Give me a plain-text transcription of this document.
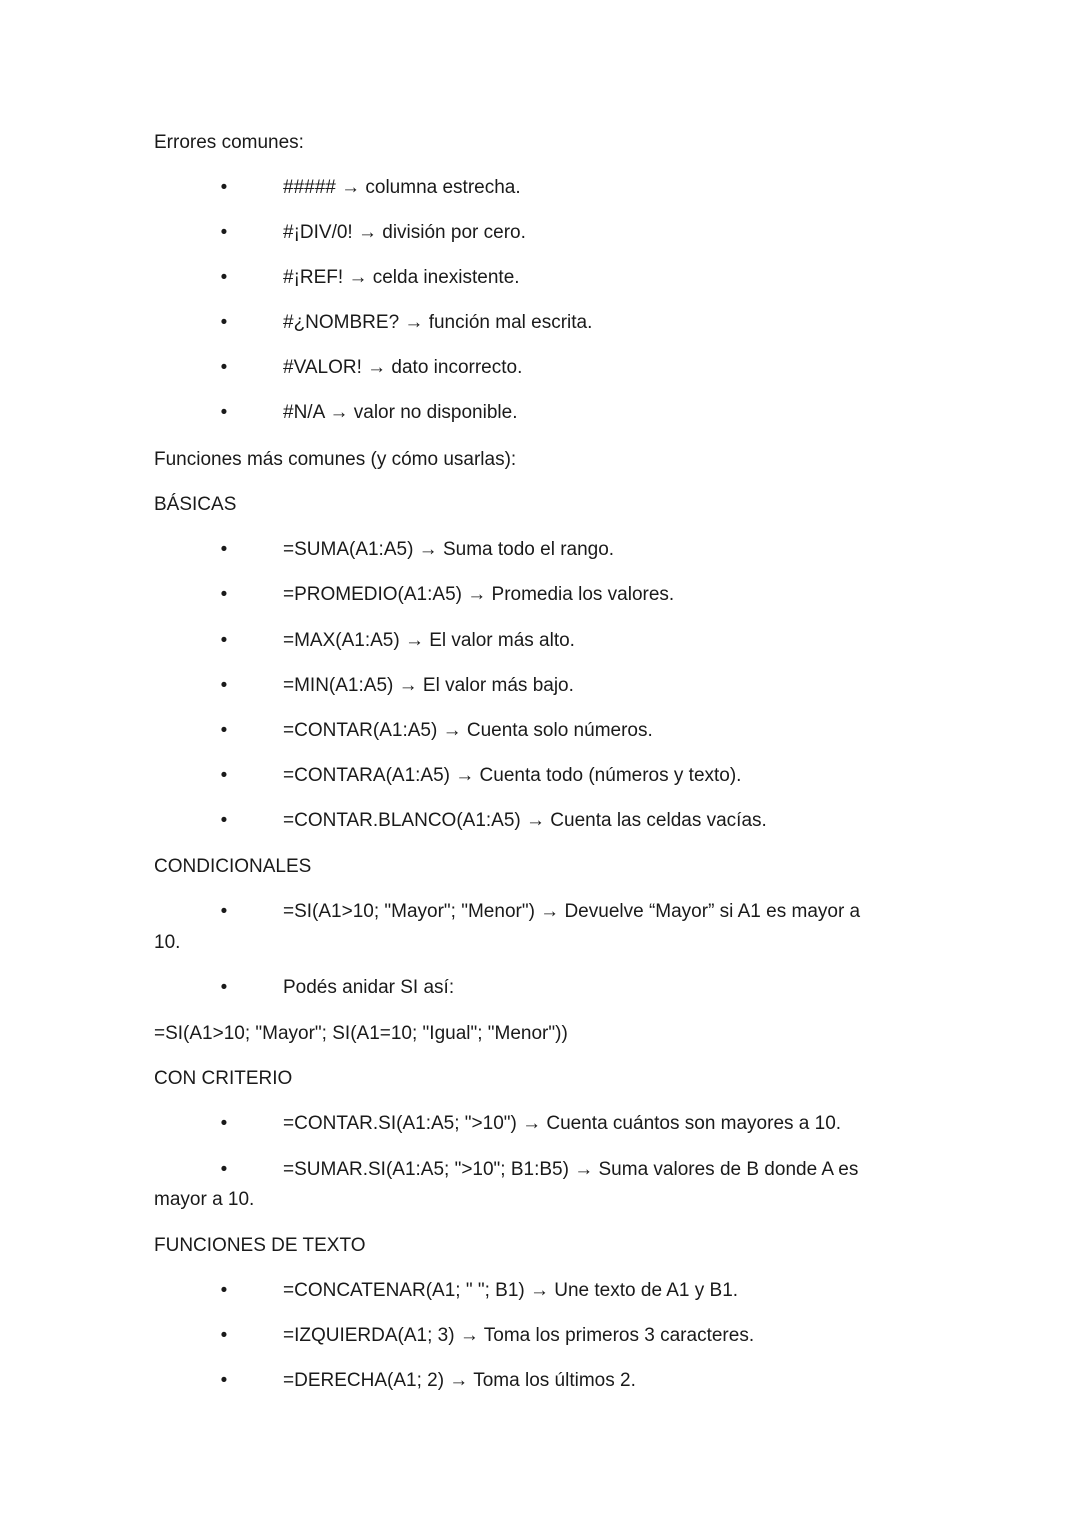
Errores comunes:
•	##### → columna estrecha.
•	#¡DIV/0! → división por cero.
•	#¡REF! → celda inexistente.
•	#¿NOMBRE? → función mal escrita.
•	#VALOR! → dato incorrecto.
•	#N/A → valor no disponible.
Funciones más comunes (y cómo usarlas):
BÁSICAS
•	=SUMA(A1:A5) → Suma todo el rango.
•	=PROMEDIO(A1:A5) → Promedia los valores.
•	=MAX(A1:A5) → El valor más alto.
•	=MIN(A1:A5) → El valor más bajo.
•	=CONTAR(A1:A5) → Cuenta solo números.
•	=CONTARA(A1:A5) → Cuenta todo (números y texto).
•	=CONTAR.BLANCO(A1:A5) → Cuenta las celdas vacías.
CONDICIONALES
•	=SI(A1>10; "Mayor"; "Menor") → Devuelve “Mayor” si A1 es mayor a
10.
•	Podés anidar SI así:
=SI(A1>10; "Mayor"; SI(A1=10; "Igual"; "Menor"))
CON CRITERIO
•	=CONTAR.SI(A1:A5; ">10") → Cuenta cuántos son mayores a 10.
•	=SUMAR.SI(A1:A5; ">10"; B1:B5) → Suma valores de B donde A es
mayor a 10.
FUNCIONES DE TEXTO
•	=CONCATENAR(A1; " "; B1) → Une texto de A1 y B1.
•	=IZQUIERDA(A1; 3) → Toma los primeros 3 caracteres.
•	=DERECHA(A1; 2) → Toma los últimos 2.
